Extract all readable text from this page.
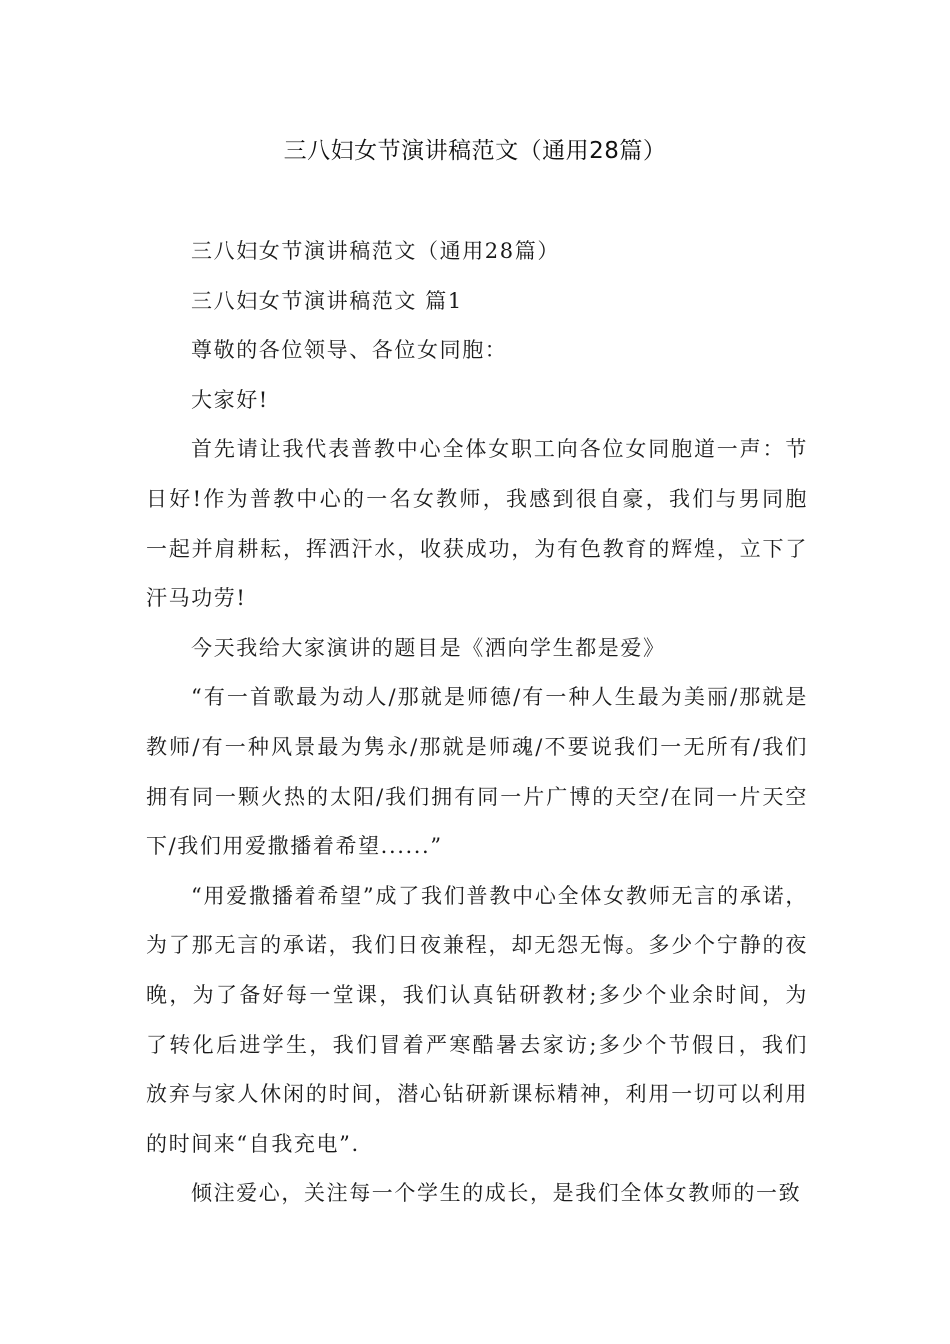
三八妇女节演讲稿范文（通用28篇）

三八妇女节演讲稿范文（通用28篇）

三八妇女节演讲稿范文 篇1

尊敬的各位领导、各位女同胞：

大家好!

首先请让我代表普教中心全体女职工向各位女同胞道一声：节日好!作为普教中心的一名女教师，我感到很自豪，我们与男同胞一起并肩耕耘，挥洒汗水，收获成功，为有色教育的辉煌，立下了汗马功劳!

今天我给大家演讲的题目是《洒向学生都是爱》

“有一首歌最为动人/那就是师德/有一种人生最为美丽/那就是教师/有一种风景最为隽永/那就是师魂/不要说我们一无所有/我们拥有同一颗火热的太阳/我们拥有同一片广博的天空/在同一片天空下/我们用爱撒播着希望......”

“用爱撒播着希望”成了我们普教中心全体女教师无言的承诺，为了那无言的承诺，我们日夜兼程，却无怨无悔。多少个宁静的夜晚，为了备好每一堂课，我们认真钻研教材;多少个业余时间，为了转化后进学生，我们冒着严寒酷暑去家访;多少个节假日，我们放弃与家人休闲的时间，潜心钻研新课标精神，利用一切可以利用的时间来“自我充电”.

倾注爱心，关注每一个学生的成长，是我们全体女教师的一致
